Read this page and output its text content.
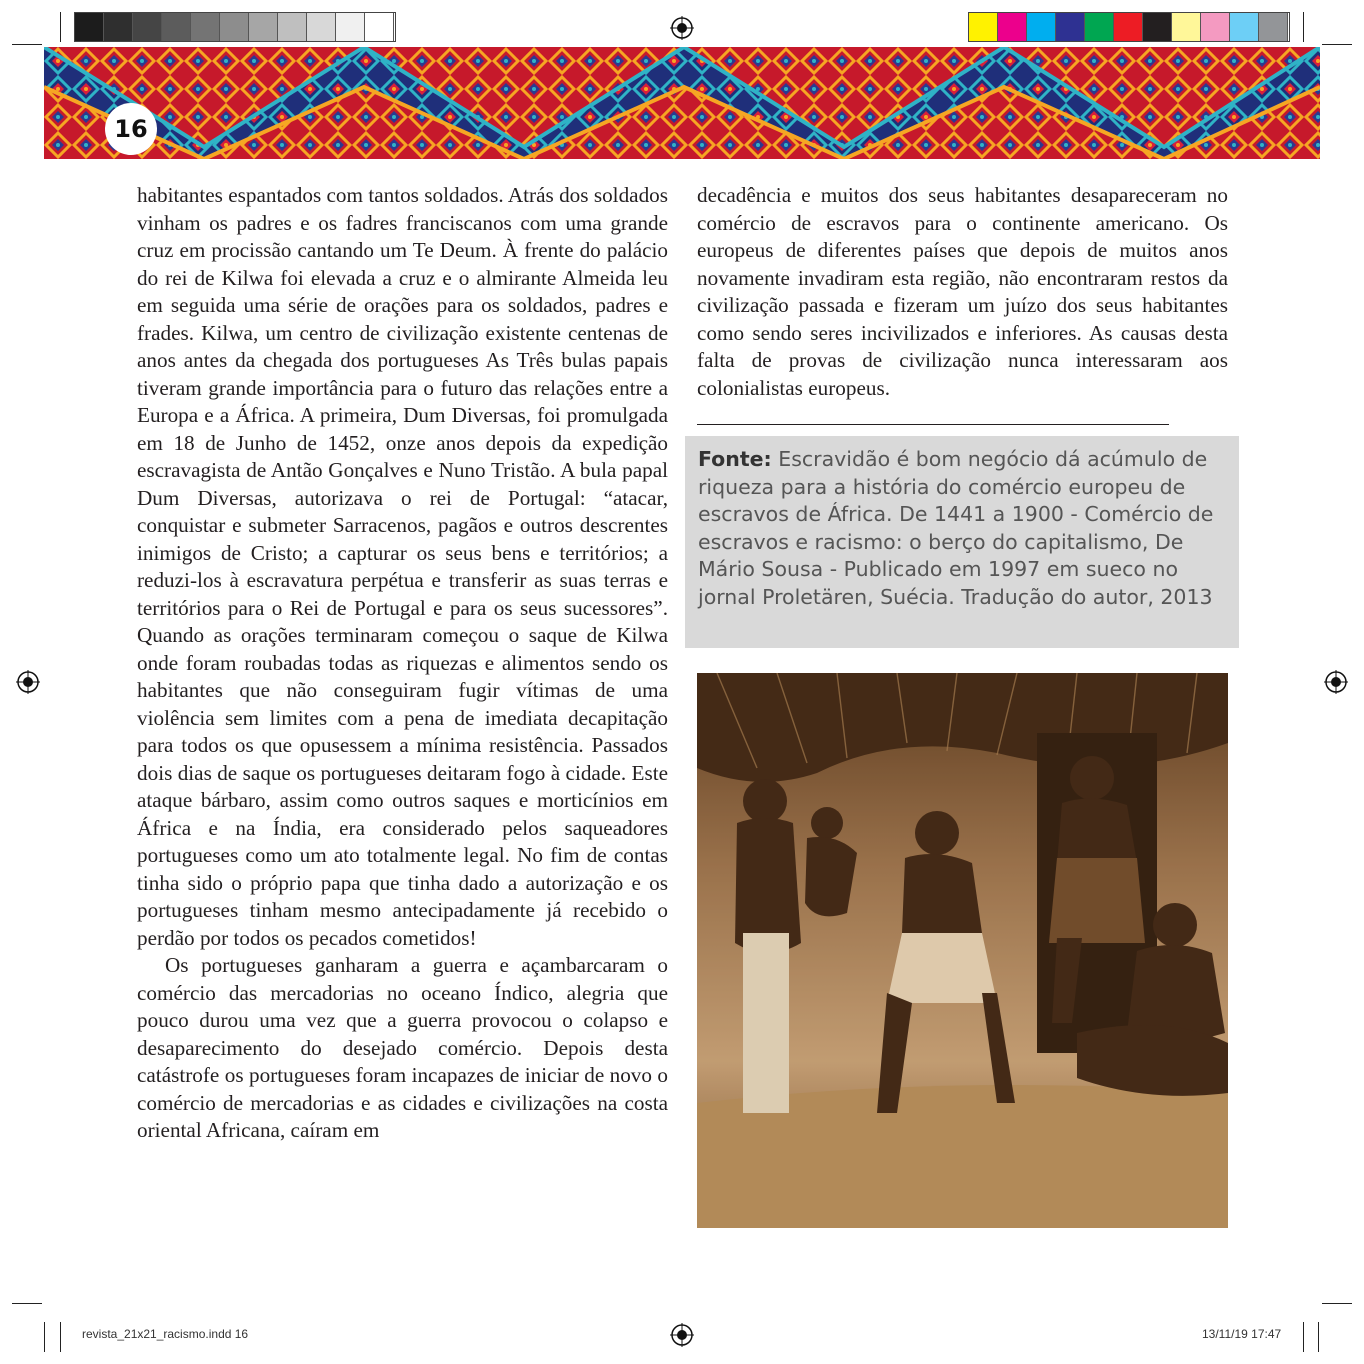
16

habitantes espantados com tantos soldados. Atrás dos soldados vinham os padres e os fadres franciscanos com uma grande cruz em procissão cantando um Te Deum. À frente do palácio do rei de Kilwa foi elevada a cruz e o almirante Almeida leu em seguida uma série de orações para os soldados, padres e frades. Kilwa, um centro de civilização existente centenas de anos antes da chegada dos portugueses As Três bulas papais tiveram grande importância para o futuro das relações entre a Europa e a África. A primeira, Dum Diversas, foi promulgada em 18 de Junho de 1452, onze anos depois da expedição escravagista de Antão Gonçalves e Nuno Tristão. A bula papal Dum Diversas, autorizava o rei de Portugal: “atacar, conquistar e submeter Sarracenos, pagãos e outros descrentes inimigos de Cristo; a capturar os seus bens e territórios; a reduzi-los à escravatura perpétua e transferir as suas terras e territórios para o Rei de Portugal e para os seus sucessores”. Quando as orações terminaram começou o saque de Kilwa onde foram roubadas todas as riquezas e alimentos sendo os habitantes que não conseguiram fugir vítimas de uma violência sem limites com a pena de imediata decapitação para todos os que opusessem a mínima resistência. Passados dois dias de saque os portugueses deitaram fogo à cidade. Este ataque bárbaro, assim como outros saques e morticínios em África e na Índia, era considerado pelos saqueadores portugueses como um ato totalmente legal. No fim de contas tinha sido o próprio papa que tinha dado a autorização e os portugueses tinham mesmo antecipadamente já recebido o perdão por todos os pecados cometidos!

Os portugueses ganharam a guerra e açambarcaram o comércio das mercadorias no oceano Índico, alegria que pouco durou uma vez que a guerra provocou o colapso e desaparecimento do desejado comércio. Depois desta catástrofe os portugueses foram incapazes de iniciar de novo o comércio de mercadorias e as cidades e civilizações na costa oriental Africana, caíram em

decadência e muitos dos seus habitantes desapareceram no comércio de escravos para o continente americano. Os europeus de diferentes países que depois de muitos anos novamente invadiram esta região, não encontraram restos da civilização passada e fizeram um juízo dos seus habitantes como sendo seres incivilizados e inferiores. As causas desta falta de provas de civilização nunca interessaram aos colonialistas europeus.

Fonte: Escravidão é bom negócio dá acúmulo de riqueza para a história do comércio europeu de escravos de África. De 1441 a 1900 - Comércio de escravos e racismo: o berço do capitalismo, De Mário Sousa - Publicado em 1997 em sueco no jornal Proletären, Suécia. Tradução do autor, 2013
revista_21x21_racismo.indd 16	13/11/19 17:47
